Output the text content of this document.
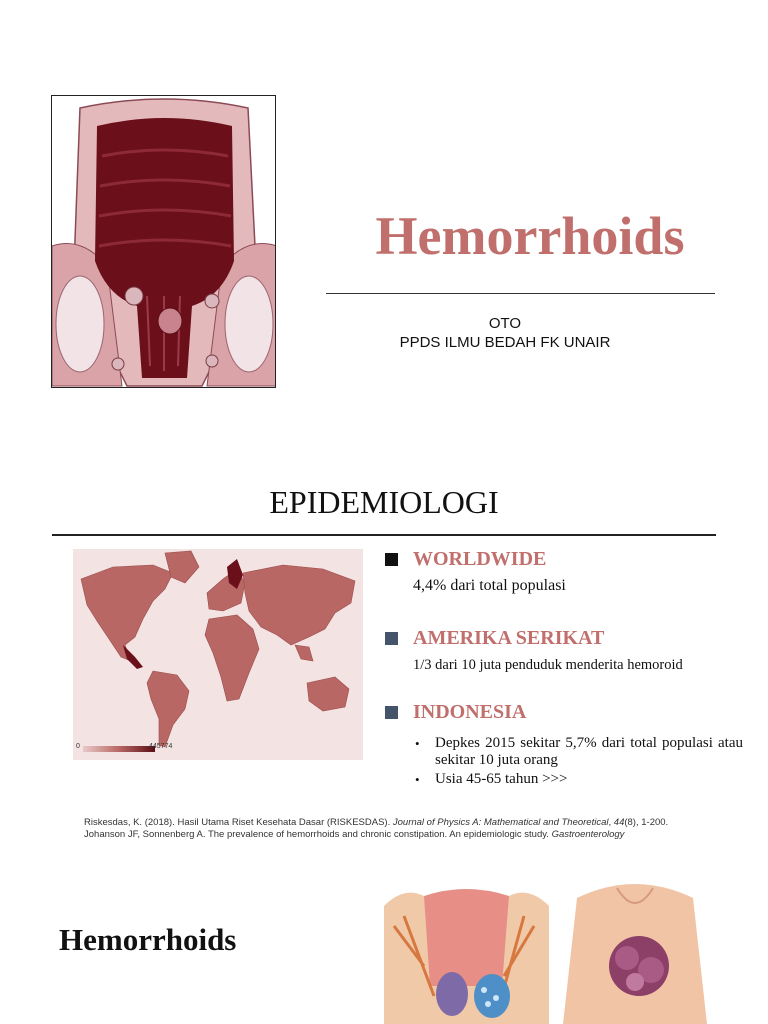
Hemorrhoids
OTO
PPDS ILMU BEDAH FK UNAIR
EPIDEMIOLOGI
0	445774
WORLDWIDE
4,4% dari total populasi
AMERIKA SERIKAT
1/3 dari 10 juta penduduk menderita hemoroid
INDONESIA
• Depkes 2015 sekitar 5,7% dari total populasi atau sekitar 10 juta orang
• Usia 45-65 tahun >>>
Riskesdas, K. (2018). Hasil Utama Riset Kesehata Dasar (RISKESDAS). Journal of Physics A: Mathematical and Theoretical, 44(8), 1-200.
Johanson JF, Sonnenberg A. The prevalence of hemorrhoids and chronic constipation. An epidemiologic study. Gastroenterology
Hemorrhoids
